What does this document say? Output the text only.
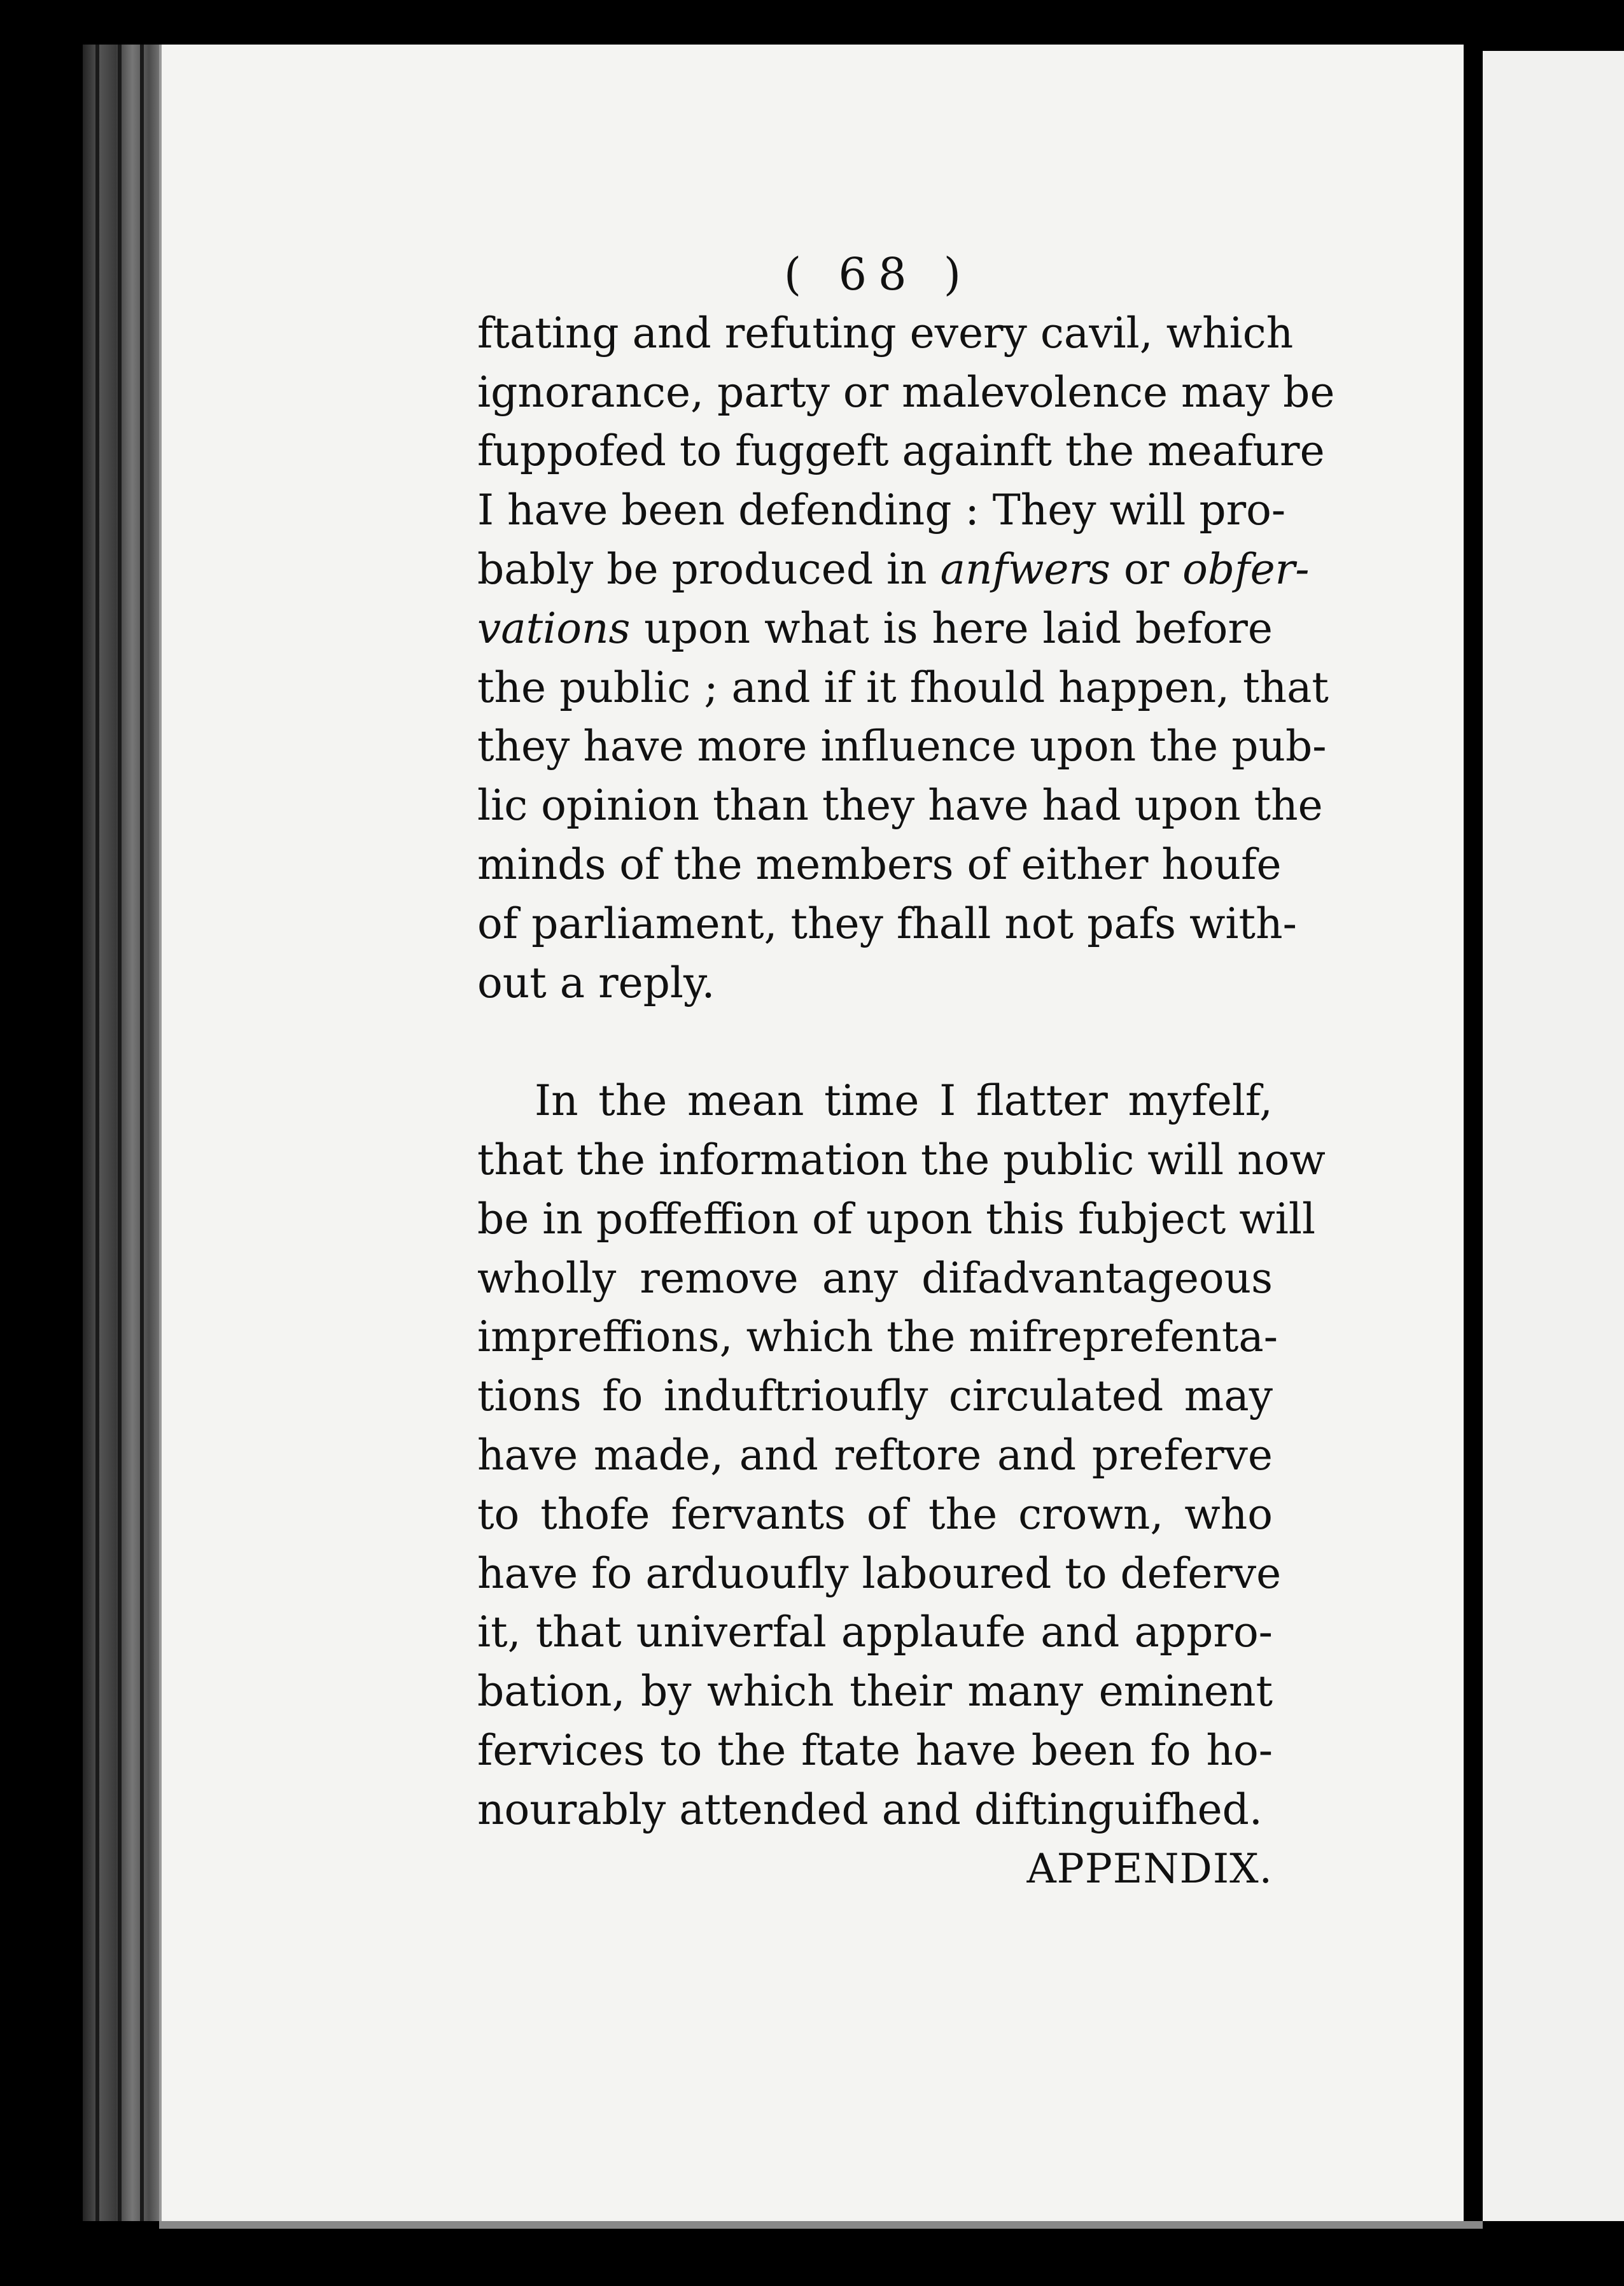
( 68 )
ftating and refuting every cavil, which
ignorance, party or malevolence may be
fuppofed to fuggeft againft the meafure
I have been defending : They will pro-
bably be produced in anfwers or obfer-
vations upon what is here laid before
the public ; and if it fhould happen, that
they have more influence upon the pub-
lic opinion than they have had upon the
minds of the members of either houfe
of parliament, they fhall not pafs with-
out a reply.
In the mean time I flatter myfelf,
that the information the public will now
be in poffeffion of upon this fubject will
wholly remove any difadvantageous
impreffions, which the mifreprefenta-
tions fo induftrioufly circulated may
have made, and reftore and preferve
to thofe fervants of the crown, who
have fo arduoufly laboured to deferve
it, that univerfal applaufe and appro-
bation, by which their many eminent
fervices to the ftate have been fo ho-
nourably attended and diftinguifhed.
APPENDIX.
